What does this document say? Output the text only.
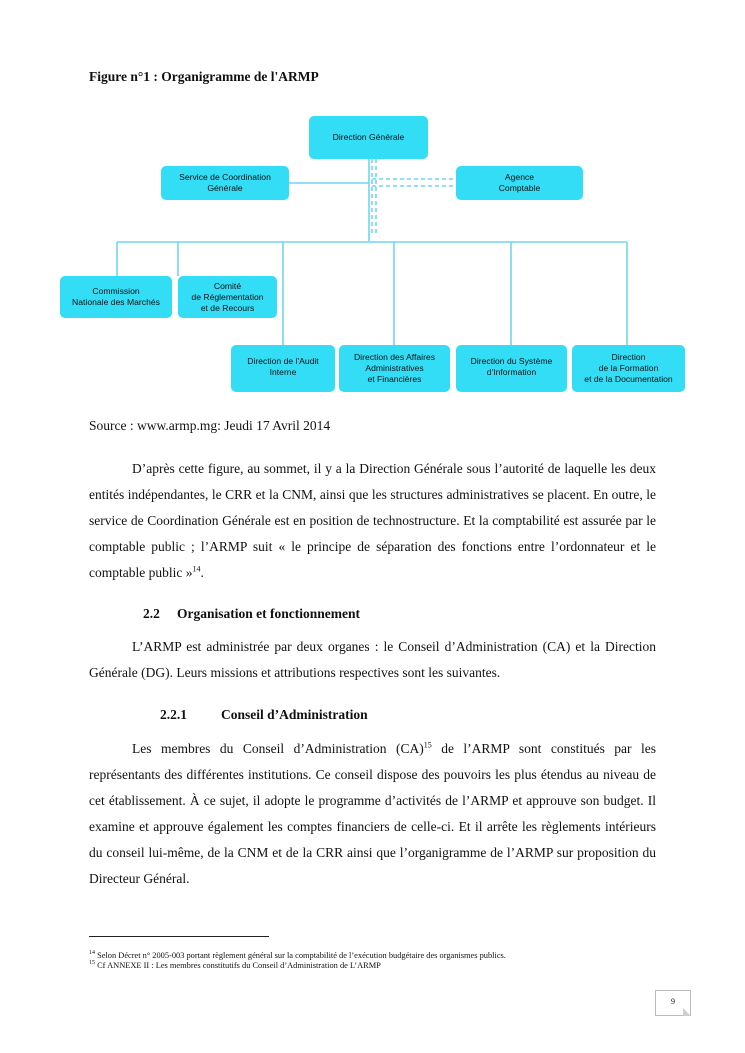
Figure n°1 : Organigramme de l'ARMP
Direction Générale
Service de Coordination
Générale
Agence
Comptable
Commission
Nationale des Marchés
Comité
de Réglementation
et de Recours
Direction de l'Audit
Interne
Direction des Affaires
Administratives
et Financières
Direction du Système
d'Information
Direction
de la Formation
et de la Documentation
Source : www.armp.mg: Jeudi 17 Avril 2014

D’après cette figure, au sommet, il y a la Direction Générale sous l’autorité de laquelle les deux entités indépendantes, le CRR et la CNM, ainsi que les structures administratives se placent. En outre, le service de Coordination Générale est en position de technostructure. Et la comptabilité est assurée par le comptable public ; l’ARMP suit « le principe de séparation des fonctions entre l’ordonnateur et le comptable public »$^{14}$.

2.2 Organisation et fonctionnement

L’ARMP est administrée par deux organes : le Conseil d’Administration (CA) et la Direction Générale (DG). Leurs missions et attributions respectives sont les suivantes.

2.2.1	Conseil d’Administration

Les membres du Conseil d’Administration (CA)$^{15}$ de l’ARMP sont constitués par les représentants des différentes institutions. Ce conseil dispose des pouvoirs les plus étendus au niveau de cet établissement. À ce sujet, il adopte le programme d’activités de l’ARMP et approuve son budget. Il examine et approuve également les comptes financiers de celle-ci. Et il arrête les règlements intérieurs du conseil lui-même, de la CNM et de la CRR ainsi que l’organigramme de l’ARMP sur proposition du Directeur Général.

$^{14}$ Selon Décret n° 2005-003 portant règlement général sur la comptabilité de l’exécution budgétaire des organismes publics.
$^{15}$ Cf ANNEXE II : Les membres constitutifs du Conseil d’Administration de L’ARMP
9
